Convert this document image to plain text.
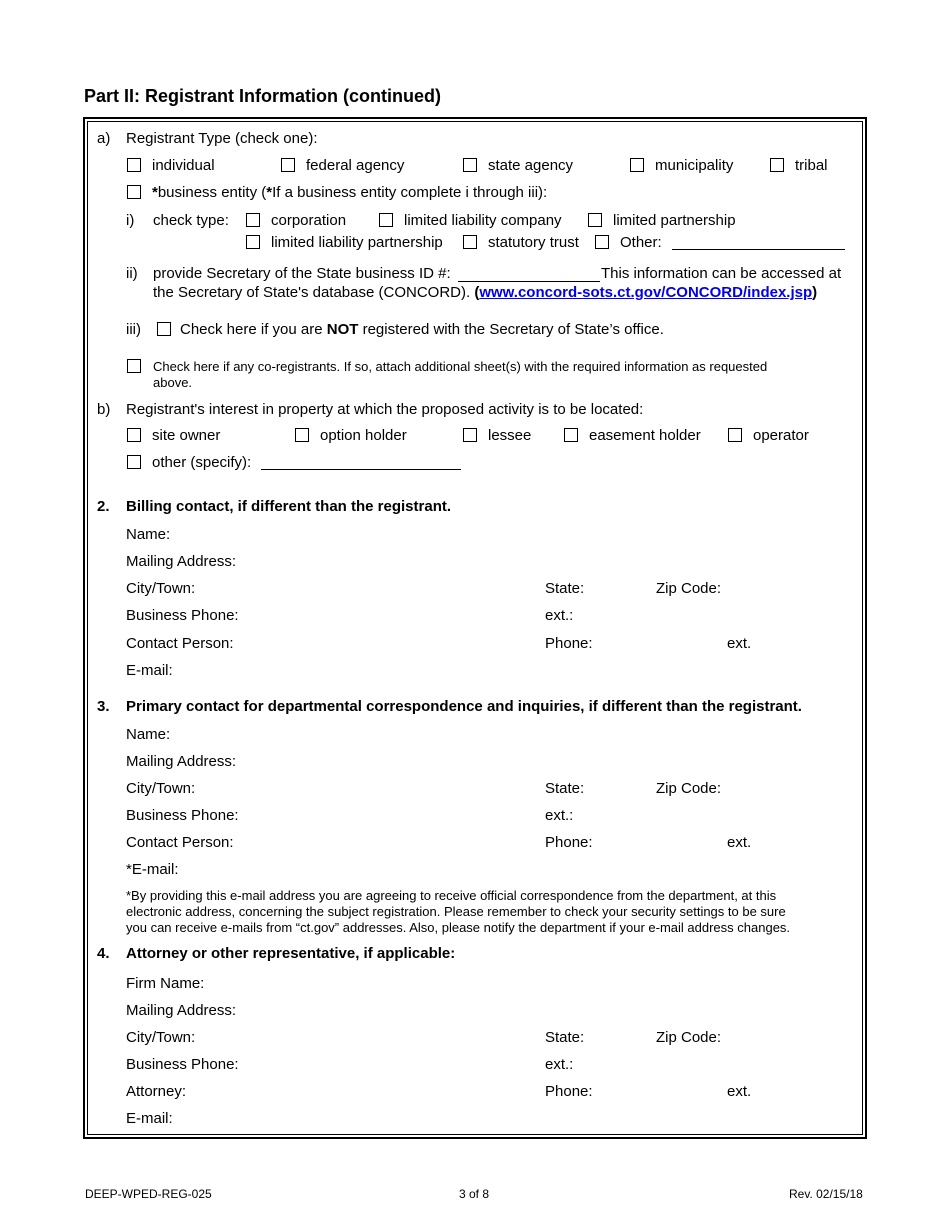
Part II: Registrant Information (continued)
a) Registrant Type (check one):
individual	federal agency	state agency	municipality	tribal
*business entity (*If a business entity complete i through iii):
i) check type:	corporation	limited liability company	limited partnership
limited liability partnership	statutory trust	Other:
ii) provide Secretary of the State business ID #:	This information can be accessed at
the Secretary of State's database (CONCORD). (www.concord-sots.ct.gov/CONCORD/index.jsp)
iii)	Check here if you are NOT registered with the Secretary of State’s office.
Check here if any co-registrants. If so, attach additional sheet(s) with the required information as requested
above.
b) Registrant's interest in property at which the proposed activity is to be located:
site owner	option holder	lessee	easement holder	operator
other (specify):
2. Billing contact, if different than the registrant.
Name:
Mailing Address:
City/Town:	State:	Zip Code:
Business Phone:	ext.:
Contact Person:	Phone:	ext.
E-mail:
3. Primary contact for departmental correspondence and inquiries, if different than the registrant.
Name:
Mailing Address:
City/Town:	State:	Zip Code:
Business Phone:	ext.:
Contact Person:	Phone:	ext.
*E-mail:
*By providing this e-mail address you are agreeing to receive official correspondence from the department, at this
electronic address, concerning the subject registration. Please remember to check your security settings to be sure
you can receive e-mails from “ct.gov” addresses. Also, please notify the department if your e-mail address changes.
4. Attorney or other representative, if applicable:
Firm Name:
Mailing Address:
City/Town:	State:	Zip Code:
Business Phone:	ext.:
Attorney:	Phone:	ext.
E-mail:
DEEP-WPED-REG-025	3 of 8	Rev. 02/15/18
